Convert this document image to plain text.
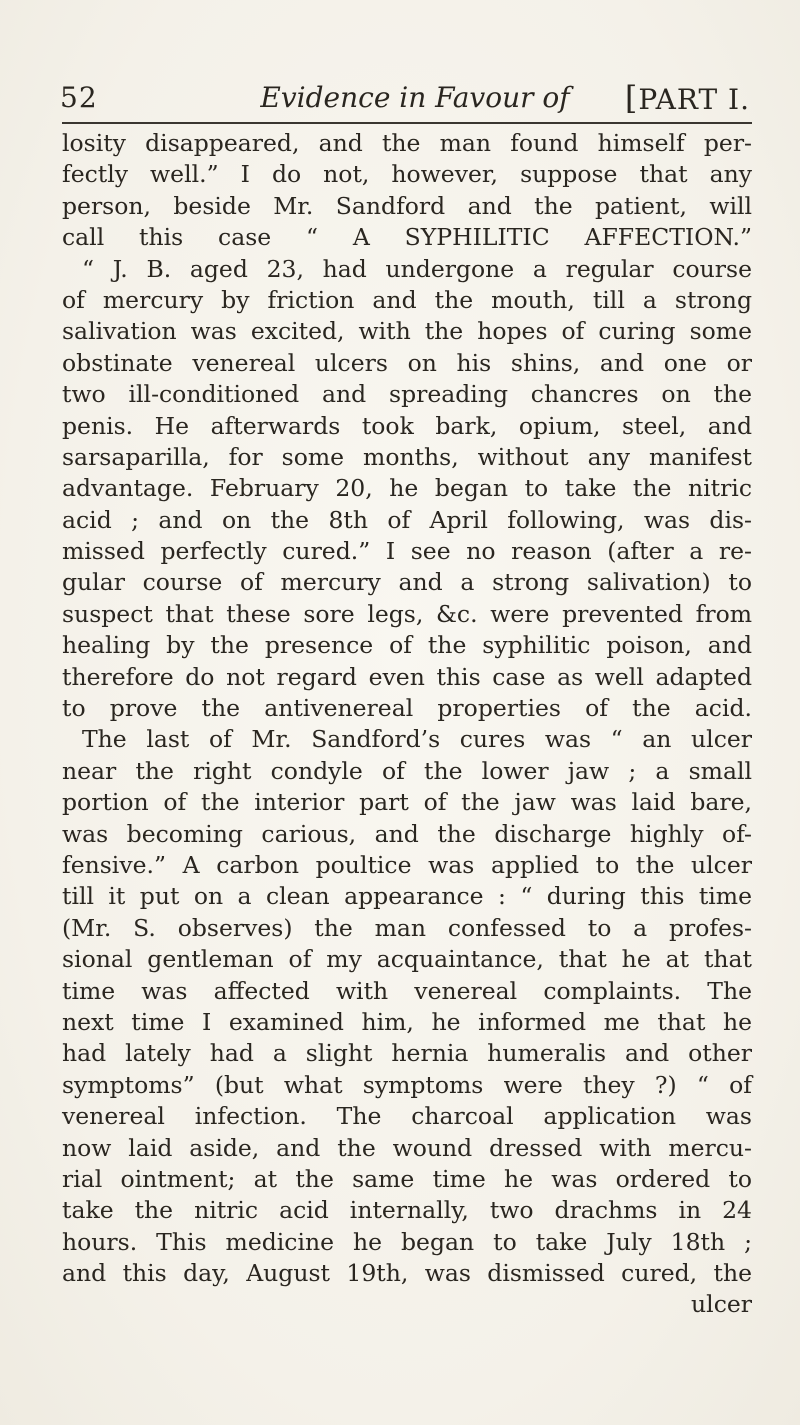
52	Evidence in Favour of	[PART I.
losity disappeared, and the man found himself per-
fectly well.” I do not, however, suppose that any
person, beside Mr. Sandford and the patient, will
call this case “ A SYPHILITIC AFFECTION.”
“ J. B. aged 23, had undergone a regular course
of mercury by friction and the mouth, till a strong
salivation was excited, with the hopes of curing some
obstinate venereal ulcers on his shins, and one or
two ill-conditioned and spreading chancres on the
penis. He afterwards took bark, opium, steel, and
sarsaparilla, for some months, without any manifest
advantage. February 20, he began to take the nitric
acid ; and on the 8th of April following, was dis-
missed perfectly cured.” I see no reason (after a re-
gular course of mercury and a strong salivation) to
suspect that these sore legs, &c. were prevented from
healing by the presence of the syphilitic poison, and
therefore do not regard even this case as well adapted
to prove the antivenereal properties of the acid.
The last of Mr. Sandford’s cures was “ an ulcer
near the right condyle of the lower jaw ; a small
portion of the interior part of the jaw was laid bare,
was becoming carious, and the discharge highly of-
fensive.” A carbon poultice was applied to the ulcer
till it put on a clean appearance : “ during this time
(Mr. S. observes) the man confessed to a profes-
sional gentleman of my acquaintance, that he at that
time was affected with venereal complaints. The
next time I examined him, he informed me that he
had lately had a slight hernia humeralis and other
symptoms” (but what symptoms were they ?) “ of
venereal infection. The charcoal application was
now laid aside, and the wound dressed with mercu-
rial ointment; at the same time he was ordered to
take the nitric acid internally, two drachms in 24
hours. This medicine he began to take July 18th ;
and this day, August 19th, was dismissed cured, the
ulcer
